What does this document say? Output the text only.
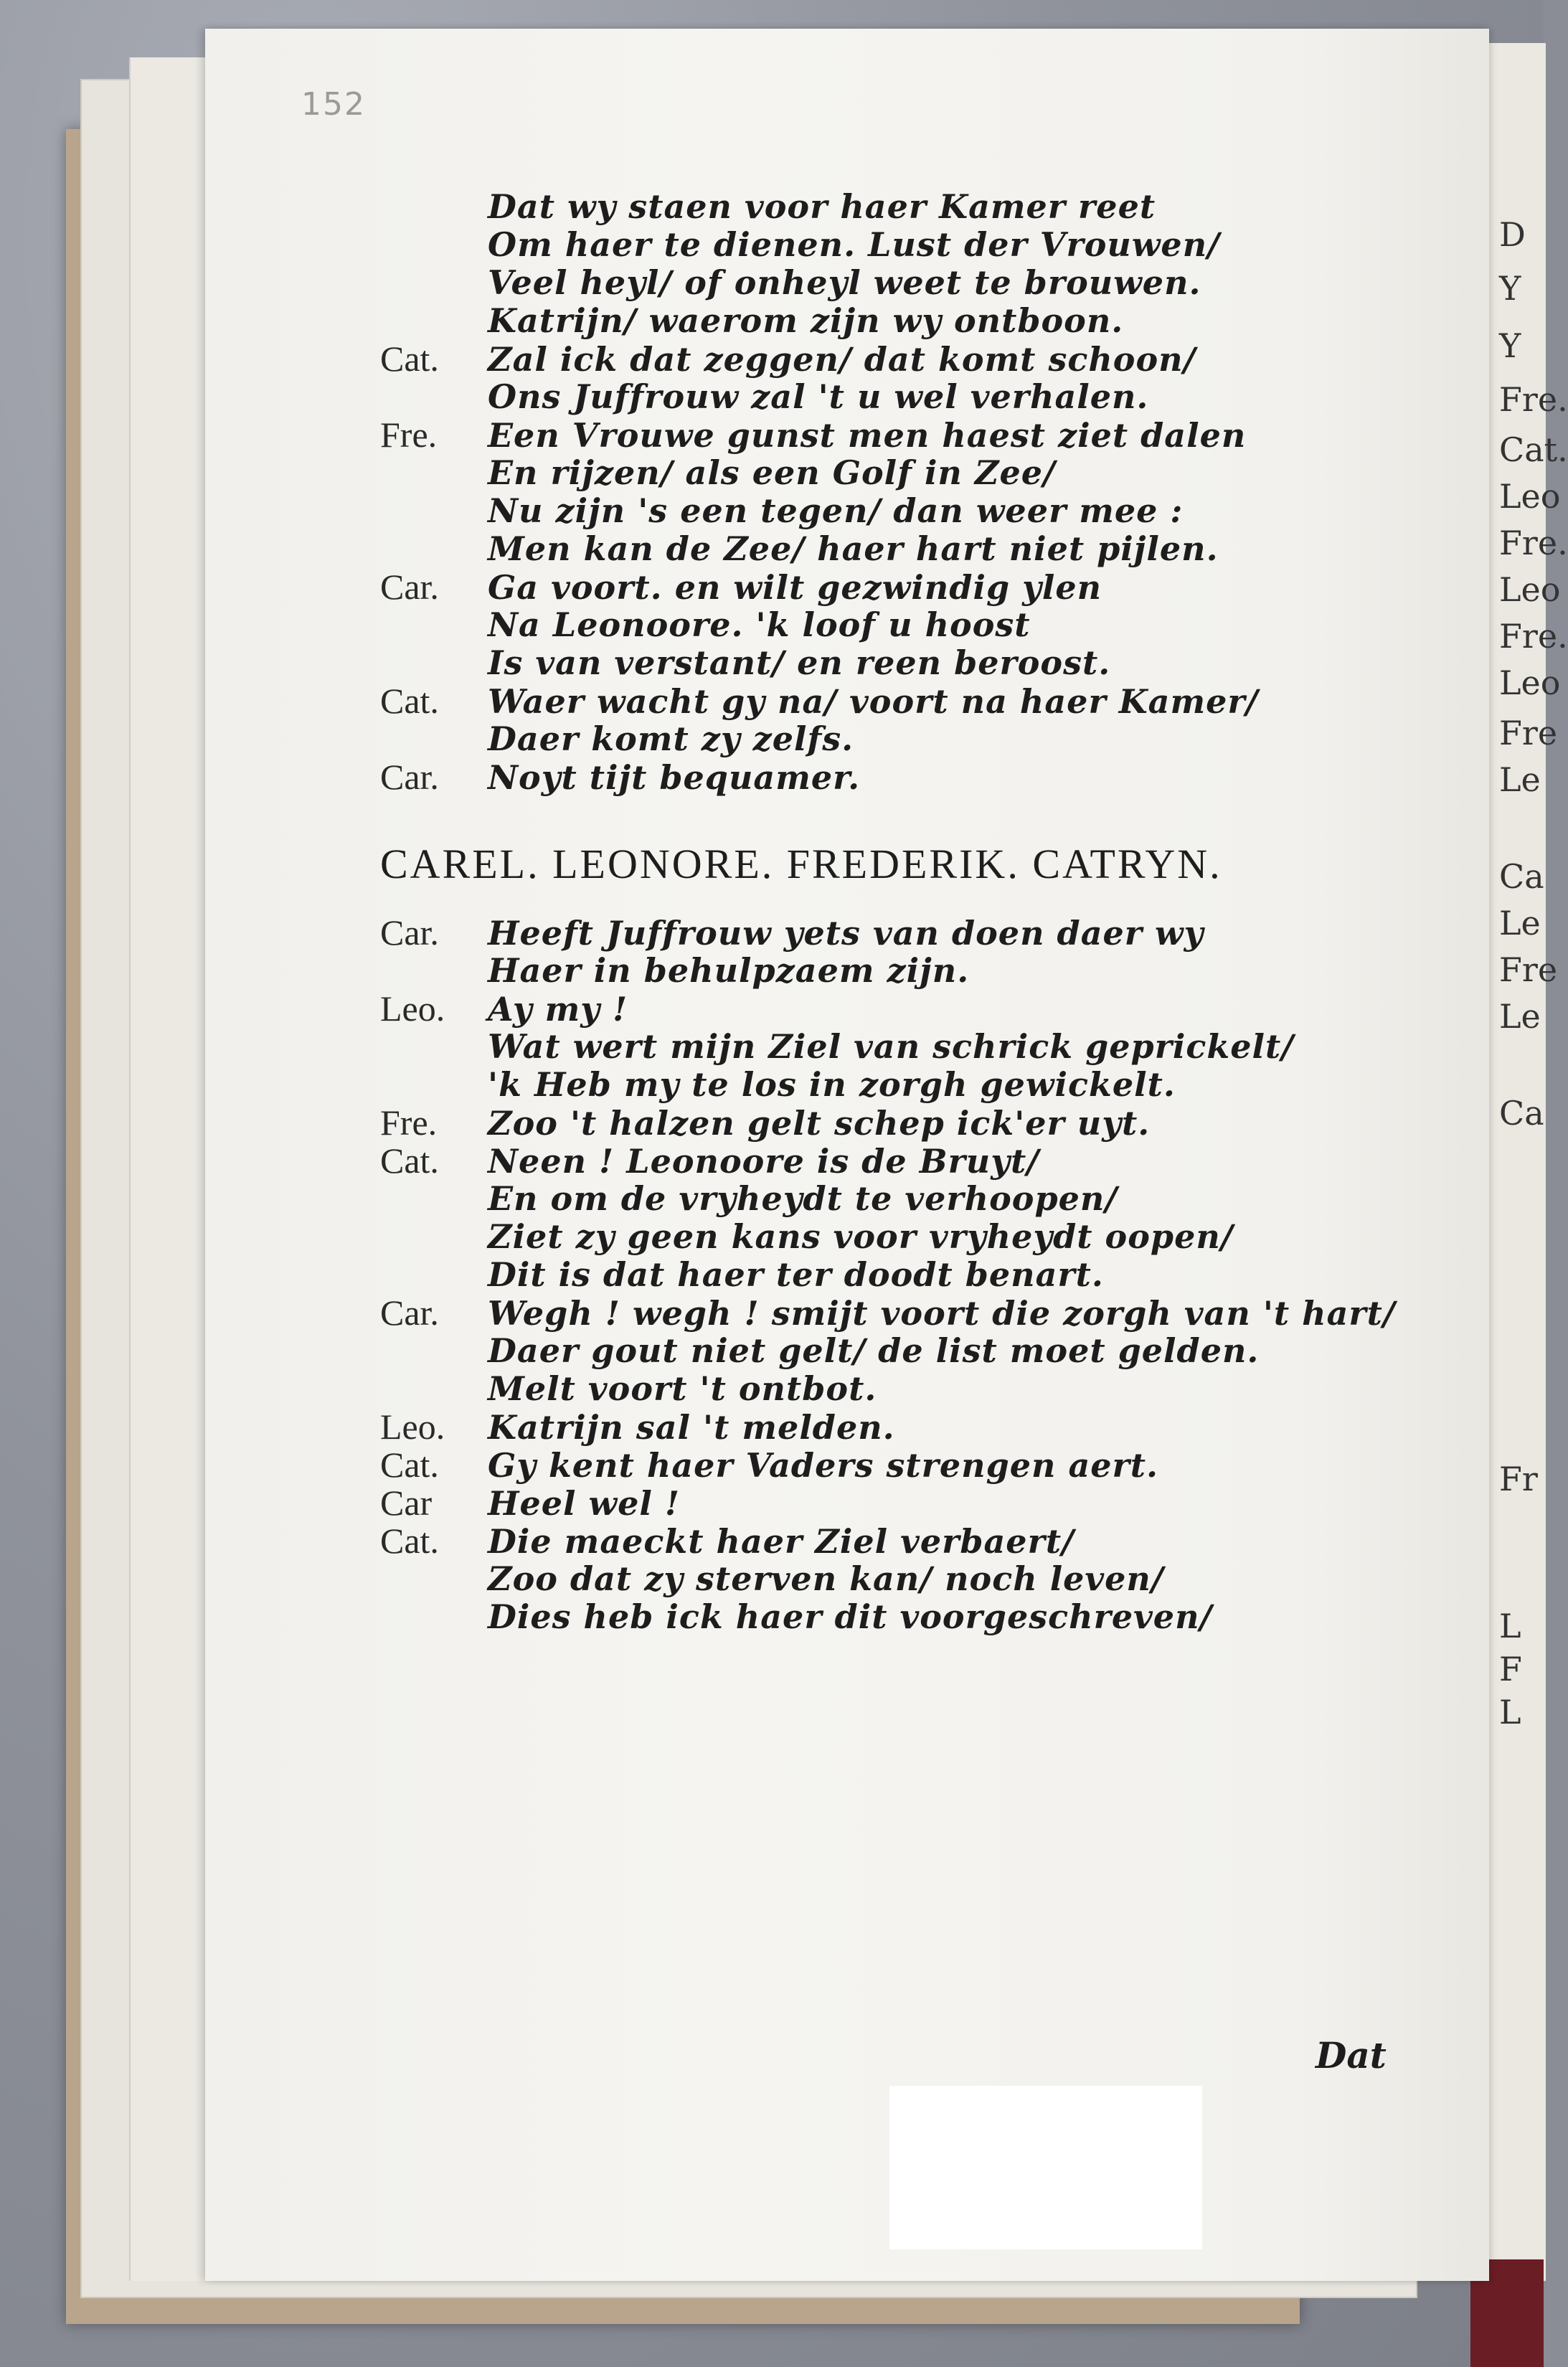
D
Y
Y
Fre.
Cat.
Leo
Fre.
Leo
Fre.
Leo
Fre
Le
Ca
Le
Fre
Le
Ca
Fr
L
F
L
152
Dat wy staen voor haer Kamer reet
Om haer te dienen. Lust der Vrouwen/
Veel heyl/ of onheyl weet te brouwen.
Katrijn/ waerom zijn wy ontboon.
Cat. Zal ick dat zeggen/ dat komt schoon/
Ons Juffrouw zal 't u wel verhalen.
Fre. Een Vrouwe gunst men haest ziet dalen
En rijzen/ als een Golf in Zee/
Nu zijn 's een tegen/ dan weer mee :
Men kan de Zee/ haer hart niet pijlen.
Car. Ga voort. en wilt gezwindig ylen
Na Leonoore. 'k loof u hoost
Is van verstant/ en reen beroost.
Cat. Waer wacht gy na/ voort na haer Kamer/
Daer komt zy zelfs.
Car. Noyt tijt bequamer.
CAREL. LEONORE. FREDERIK. CATRYN.
Car. Heeft Juffrouw yets van doen daer wy
Haer in behulpzaem zijn.
Leo. Ay my !
Wat wert mijn Ziel van schrick geprickelt/
'k Heb my te los in zorgh gewickelt.
Fre. Zoo 't halzen gelt schep ick'er uyt.
Cat. Neen ! Leonoore is de Bruyt/
En om de vryheydt te verhoopen/
Ziet zy geen kans voor vryheydt oopen/
Dit is dat haer ter doodt benart.
Car. Wegh ! wegh ! smijt voort die zorgh van 't hart/
Daer gout niet gelt/ de list moet gelden.
Melt voort 't ontbot.
Leo. Katrijn sal 't melden.
Cat. Gy kent haer Vaders strengen aert.
Car Heel wel !
Cat. Die maeckt haer Ziel verbaert/
Zoo dat zy sterven kan/ noch leven/
Dies heb ick haer dit voorgeschreven/
Dat
